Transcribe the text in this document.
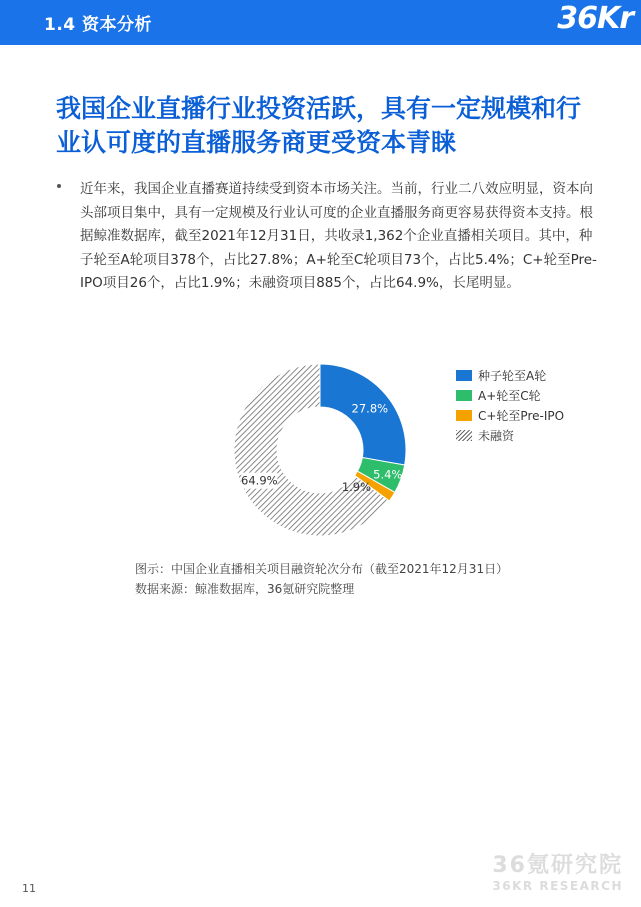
1.4 资本分析	36Kr
我国企业直播行业投资活跃，具有一定规模和行业认可度的直播服务商更受资本青睐

近年来，我国企业直播赛道持续受到资本市场关注。当前，行业二八效应明显，资本向头部项目集中，具有一定规模及行业认可度的企业直播服务商更容易获得资本支持。根据鲸准数据库，截至2021年12月31日，共收录1,362个企业直播相关项目。其中，种子轮至A轮项目378个，占比27.8%；A+轮至C轮项目73个，占比5.4%；C+轮至Pre-IPO项目26个，占比1.9%；未融资项目885个，占比64.9%，长尾明显。

27.8%
5.4%
1.9%
64.9%
种子轮至A轮
A+轮至C轮
C+轮至Pre-IPO
未融资
图示：中国企业直播相关项目融资轮次分布（截至2021年12月31日）
数据来源：鲸准数据库，36氪研究院整理
36氪研究院
36KR RESEARCH
11
